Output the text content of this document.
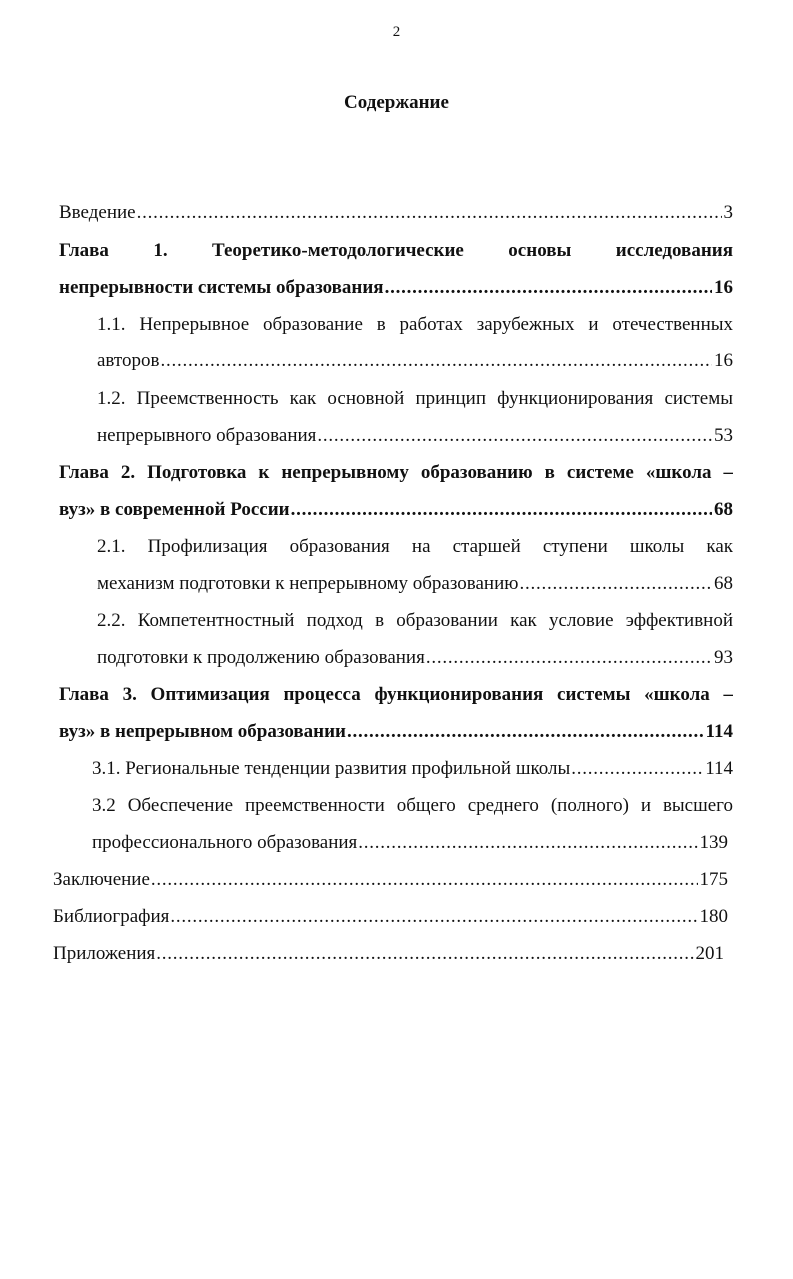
2
Содержание
Введение . . .	3
Глава 1. Теоретико-методологические основы исследования
непрерывности системы образования . . .	16
1.1. Непрерывное образование в работах зарубежных и отечественных
авторов . . .	16
1.2. Преемственность как основной принцип функционирования системы
непрерывного образования . . .	53
Глава 2. Подготовка к непрерывному образованию в системе «школа –
вуз» в современной России . . .	68
2.1. Профилизация образования на старшей ступени школы как
механизм подготовки к непрерывному образованию . . .	68
2.2. Компетентностный подход в образовании как условие эффективной
подготовки к продолжению образования . . .	93
Глава 3. Оптимизация процесса функционирования системы «школа –
вуз» в непрерывном образовании . . .	114
3.1. Региональные тенденции развития профильной школы . . .	114
3.2 Обеспечение преемственности общего среднего (полного) и высшего
профессионального образования . . .	139
Заключение . . .	175
Библиография . . .	180
Приложения . . .	201
